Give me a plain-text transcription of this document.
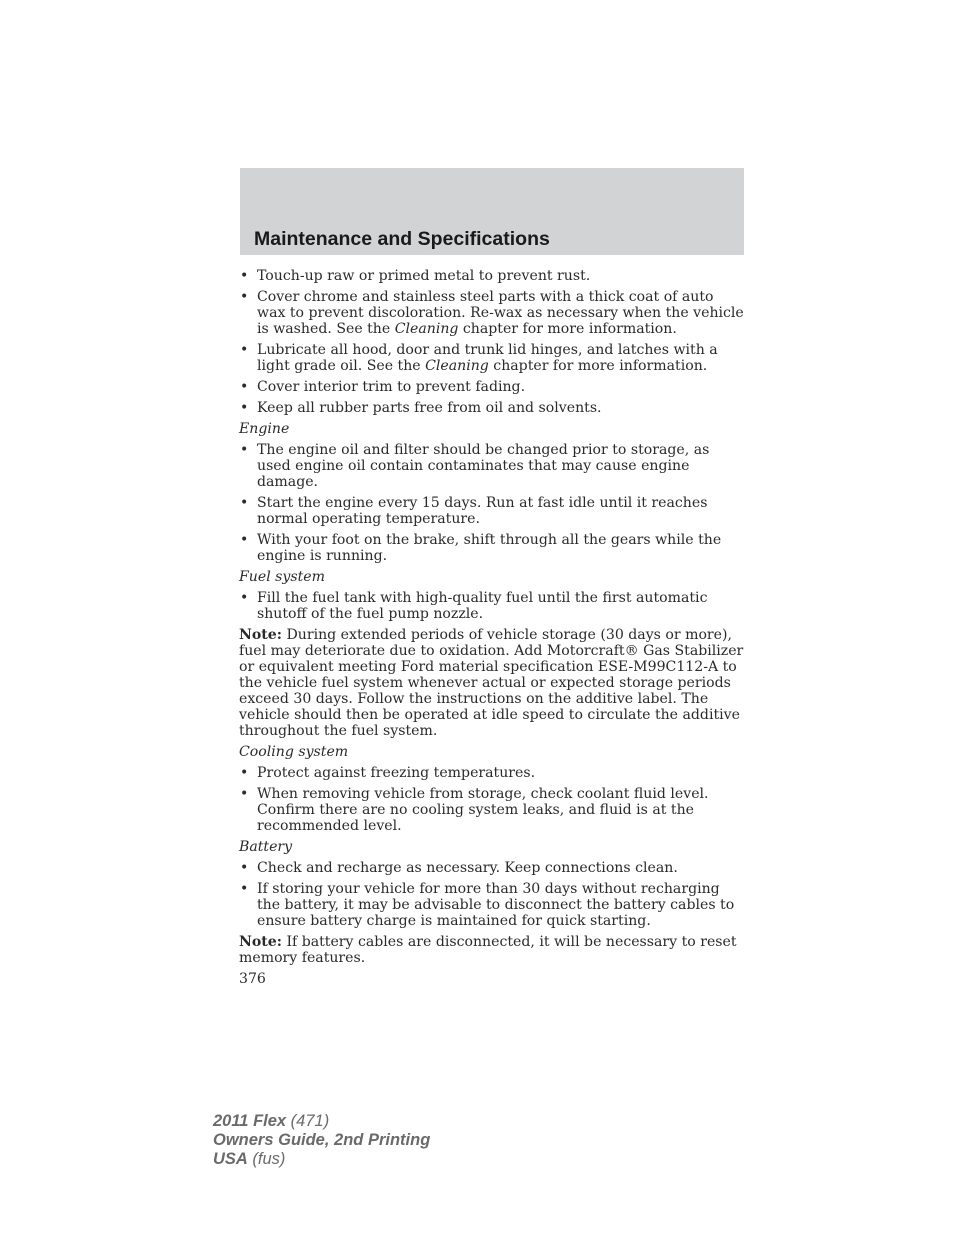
Maintenance and Specifications
• Touch-up raw or primed metal to prevent rust.
• Cover chrome and stainless steel parts with a thick coat of auto wax to prevent discoloration. Re-wax as necessary when the vehicle is washed. See the Cleaning chapter for more information.
• Lubricate all hood, door and trunk lid hinges, and latches with a light grade oil. See the Cleaning chapter for more information.
• Cover interior trim to prevent fading.
• Keep all rubber parts free from oil and solvents.
Engine
• The engine oil and filter should be changed prior to storage, as used engine oil contain contaminates that may cause engine damage.
• Start the engine every 15 days. Run at fast idle until it reaches normal operating temperature.
• With your foot on the brake, shift through all the gears while the engine is running.
Fuel system
• Fill the fuel tank with high-quality fuel until the first automatic shutoff of the fuel pump nozzle.
Note: During extended periods of vehicle storage (30 days or more), fuel may deteriorate due to oxidation. Add Motorcraft® Gas Stabilizer or equivalent meeting Ford material specification ESE-M99C112-A to the vehicle fuel system whenever actual or expected storage periods exceed 30 days. Follow the instructions on the additive label. The vehicle should then be operated at idle speed to circulate the additive throughout the fuel system.
Cooling system
• Protect against freezing temperatures.
• When removing vehicle from storage, check coolant fluid level. Confirm there are no cooling system leaks, and fluid is at the recommended level.
Battery
• Check and recharge as necessary. Keep connections clean.
• If storing your vehicle for more than 30 days without recharging the battery, it may be advisable to disconnect the battery cables to ensure battery charge is maintained for quick starting.
Note: If battery cables are disconnected, it will be necessary to reset memory features.
376
2011 Flex (471)
Owners Guide, 2nd Printing
USA (fus)
